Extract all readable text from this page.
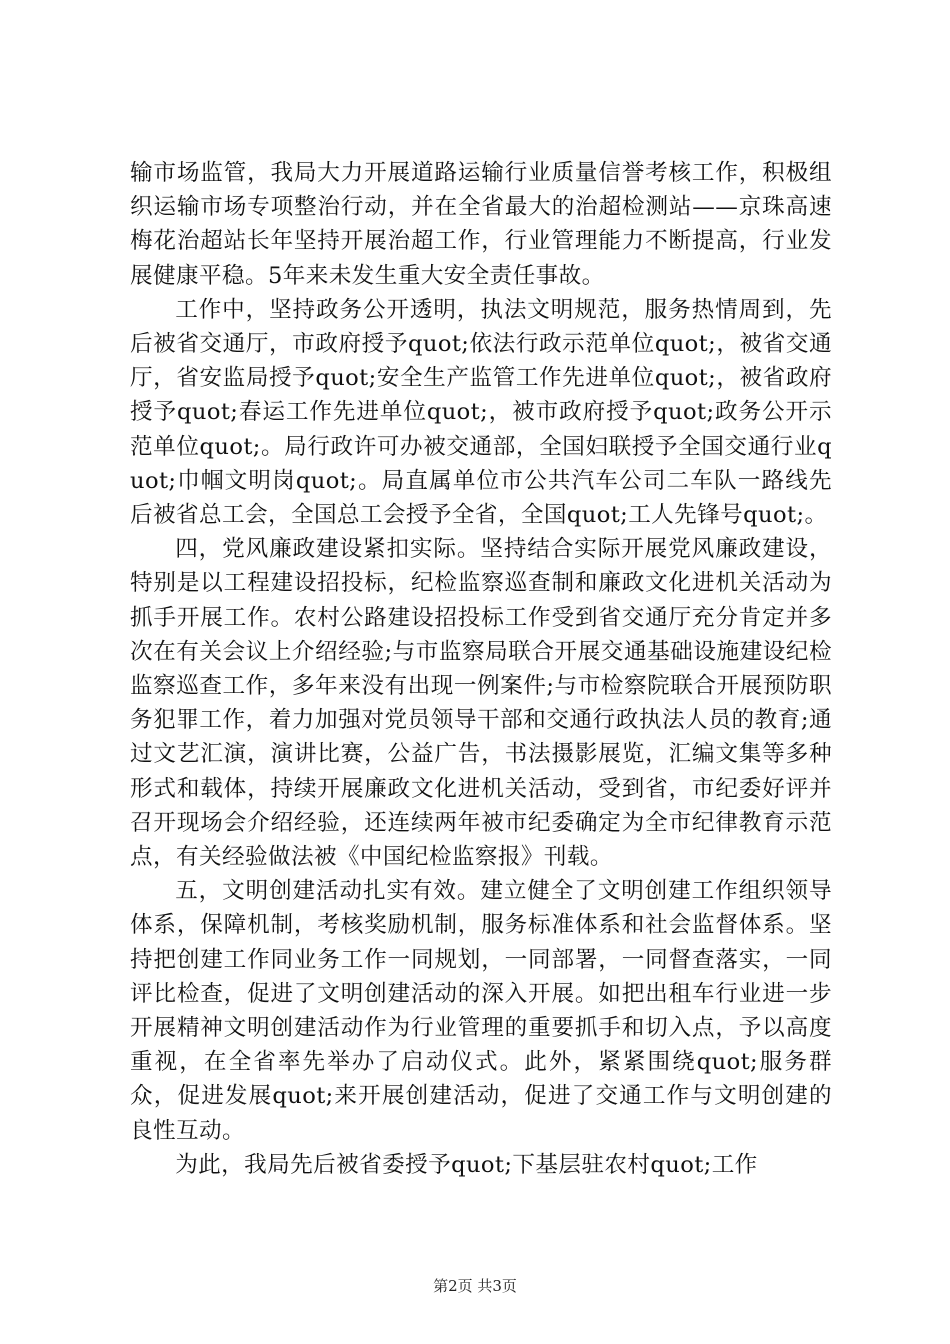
输市场监管，我局大力开展道路运输行业质量信誉考核工作，积极组织运输市场专项整治行动，并在全省最大的治超检测站——京珠高速梅花治超站长年坚持开展治超工作，行业管理能力不断提高，行业发展健康平稳。5年来未发生重大安全责任事故。

工作中，坚持政务公开透明，执法文明规范，服务热情周到，先后被省交通厅，市政府授予quot;依法行政示范单位quot;，被省交通厅，省安监局授予quot;安全生产监管工作先进单位quot;，被省政府授予quot;春运工作先进单位quot;，被市政府授予quot;政务公开示范单位quot;。局行政许可办被交通部，全国妇联授予全国交通行业quot;巾帼文明岗quot;。局直属单位市公共汽车公司二车队一路线先后被省总工会，全国总工会授予全省，全国quot;工人先锋号quot;。

四，党风廉政建设紧扣实际。坚持结合实际开展党风廉政建设，特别是以工程建设招投标，纪检监察巡查制和廉政文化进机关活动为抓手开展工作。农村公路建设招投标工作受到省交通厅充分肯定并多次在有关会议上介绍经验;与市监察局联合开展交通基础设施建设纪检监察巡查工作，多年来没有出现一例案件;与市检察院联合开展预防职务犯罪工作，着力加强对党员领导干部和交通行政执法人员的教育;通过文艺汇演，演讲比赛，公益广告，书法摄影展览，汇编文集等多种形式和载体，持续开展廉政文化进机关活动，受到省，市纪委好评并召开现场会介绍经验，还连续两年被市纪委确定为全市纪律教育示范点，有关经验做法被《中国纪检监察报》刊载。

五，文明创建活动扎实有效。建立健全了文明创建工作组织领导体系，保障机制，考核奖励机制，服务标准体系和社会监督体系。坚持把创建工作同业务工作一同规划，一同部署，一同督查落实，一同评比检查，促进了文明创建活动的深入开展。如把出租车行业进一步开展精神文明创建活动作为行业管理的重要抓手和切入点，予以高度重视，在全省率先举办了启动仪式。此外，紧紧围绕quot;服务群众，促进发展quot;来开展创建活动，促进了交通工作与文明创建的良性互动。

为此，我局先后被省委授予quot;下基层驻农村quot;工作

第2页 共3页
